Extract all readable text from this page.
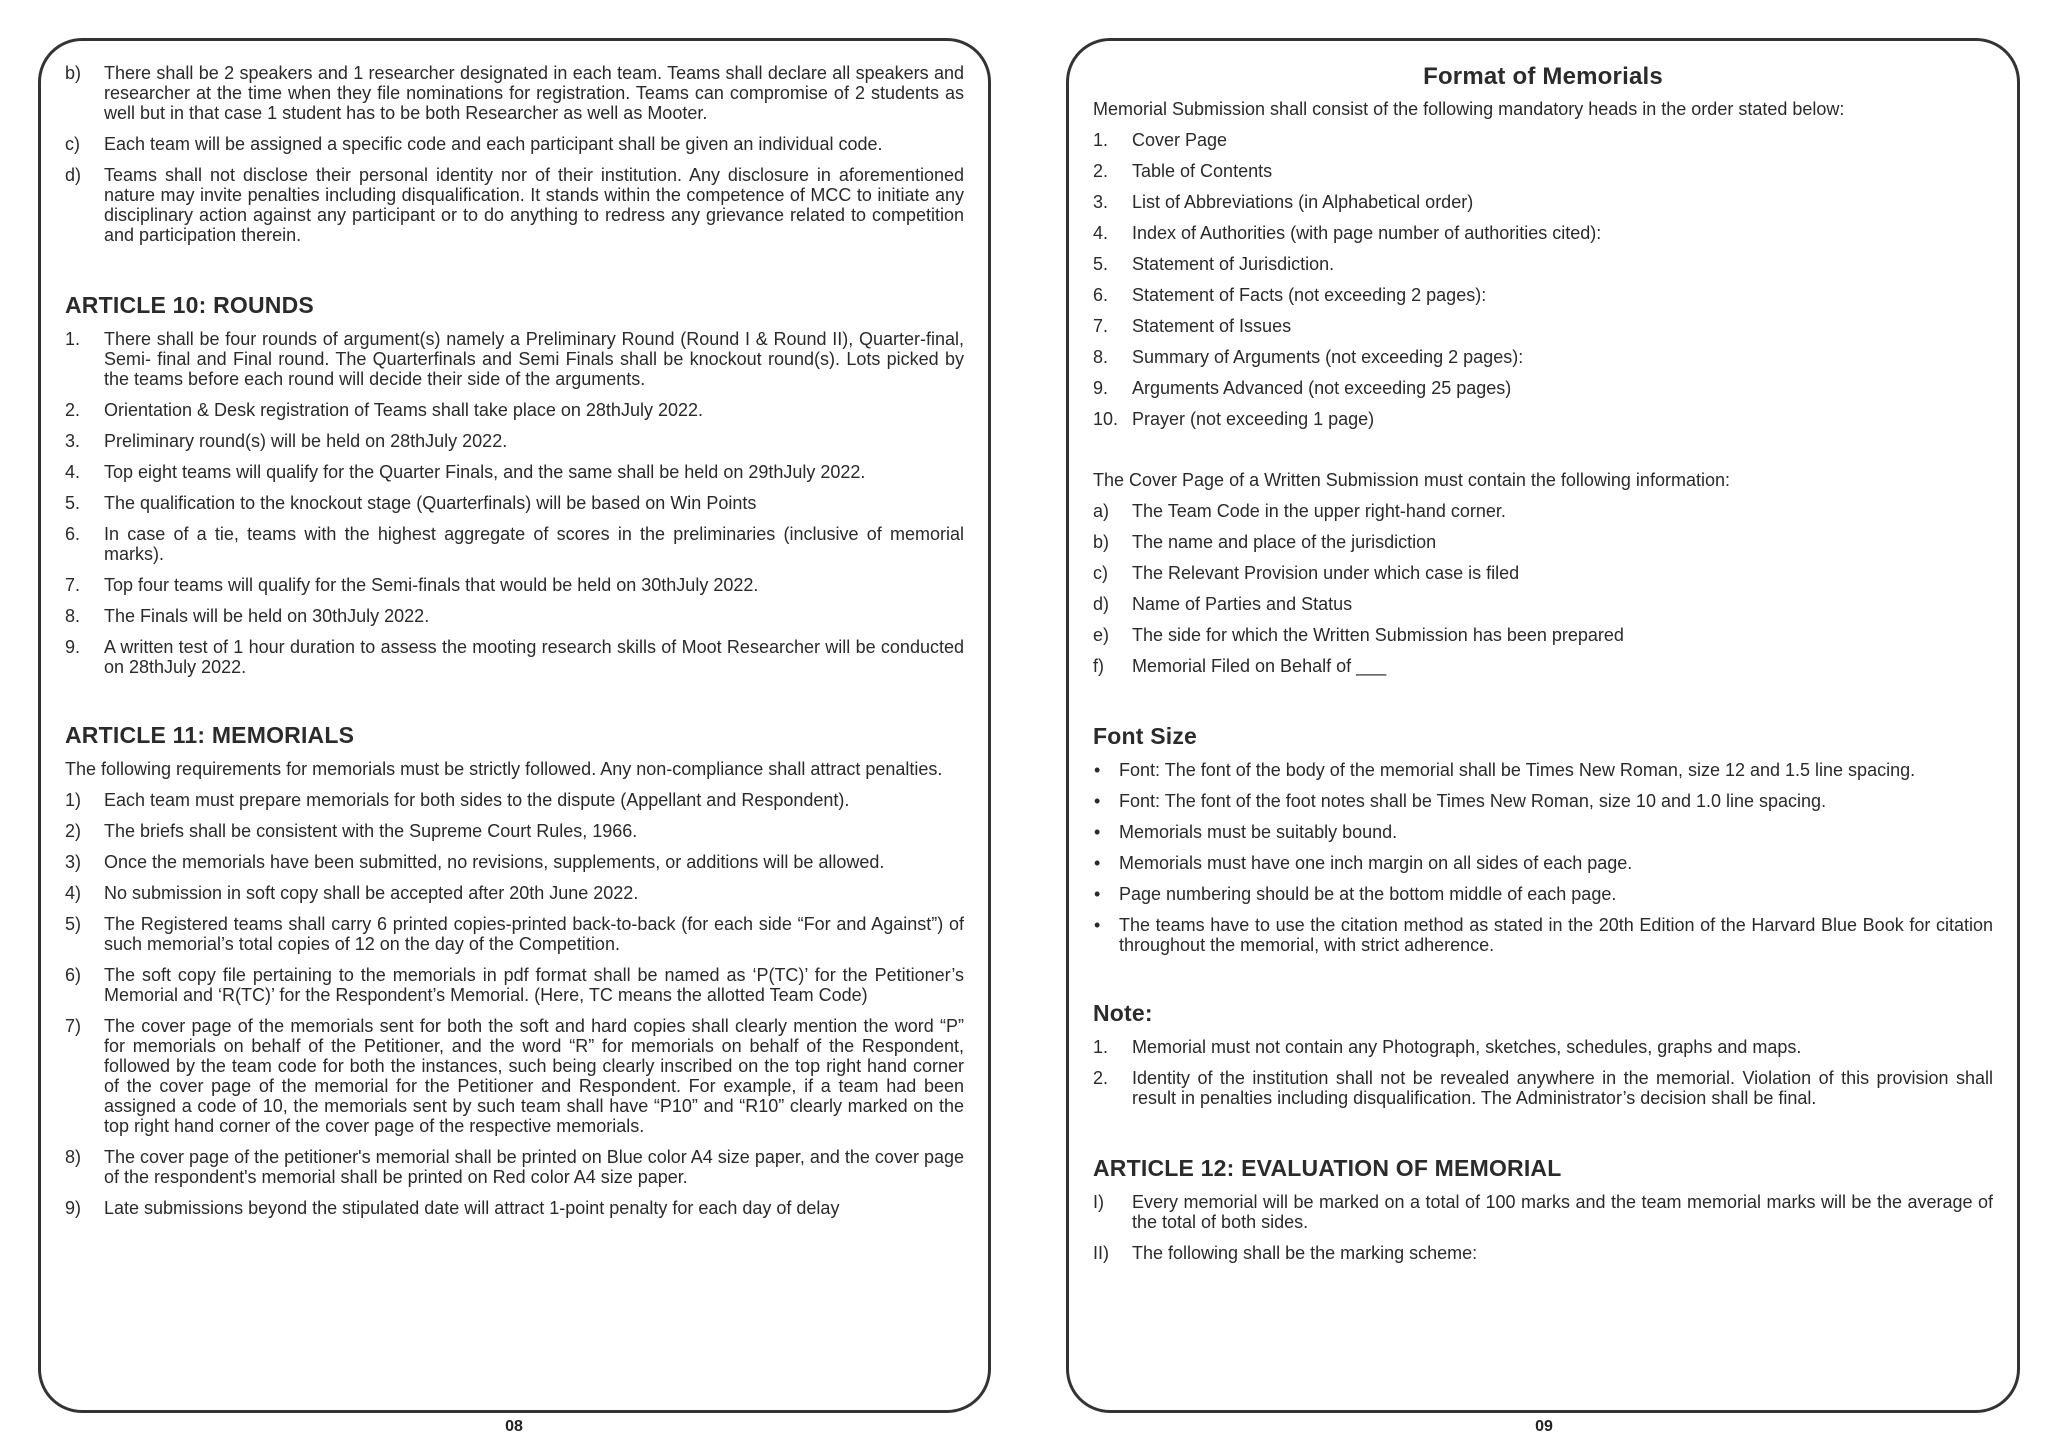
b)	There shall be 2 speakers and 1 researcher designated in each team. Teams shall declare all speakers and researcher at the time when they file nominations for registration. Teams can compromise of 2 students as well but in that case 1 student has to be both Researcher as well as Mooter.
c)	Each team will be assigned a specific code and each participant shall be given an individual code.
d)	Teams shall not disclose their personal identity nor of their institution. Any disclosure in aforementioned nature may invite penalties including disqualification. It stands within the competence of MCC to initiate any disciplinary action against any participant or to do anything to redress any grievance related to competition and participation therein.
ARTICLE 10: ROUNDS
1.	There shall be four rounds of argument(s) namely a Preliminary Round (Round I & Round II), Quarter-final, Semi- final and Final round. The Quarterfinals and Semi Finals shall be knockout round(s). Lots picked by the teams before each round will decide their side of the arguments.
2.	Orientation & Desk registration of Teams shall take place on 28thJuly 2022.
3.	Preliminary round(s) will be held on 28thJuly 2022.
4.	Top eight teams will qualify for the Quarter Finals, and the same shall be held on 29thJuly 2022.
5.	The qualification to the knockout stage (Quarterfinals) will be based on Win Points
6.	In case of a tie, teams with the highest aggregate of scores in the preliminaries (inclusive of memorial marks).
7.	Top four teams will qualify for the Semi-finals that would be held on 30thJuly 2022.
8.	The Finals will be held on 30thJuly 2022.
9.	A written test of 1 hour duration to assess the mooting research skills of Moot Researcher will be conducted on 28thJuly 2022.
ARTICLE 11: MEMORIALS

The following requirements for memorials must be strictly followed. Any non-compliance shall attract penalties.

1)	Each team must prepare memorials for both sides to the dispute (Appellant and Respondent).
2)	The briefs shall be consistent with the Supreme Court Rules, 1966.
3)	Once the memorials have been submitted, no revisions, supplements, or additions will be allowed.
4)	No submission in soft copy shall be accepted after 20th June 2022.
5)	The Registered teams shall carry 6 printed copies-printed back-to-back (for each side “For and Against”) of such memorial’s total copies of 12 on the day of the Competition.
6)	The soft copy file pertaining to the memorials in pdf format shall be named as ‘P(TC)’ for the Petitioner’s Memorial and ‘R(TC)’ for the Respondent’s Memorial. (Here, TC means the allotted Team Code)
7)	The cover page of the memorials sent for both the soft and hard copies shall clearly mention the word “P” for memorials on behalf of the Petitioner, and the word “R” for memorials on behalf of the Respondent, followed by the team code for both the instances, such being clearly inscribed on the top right hand corner of the cover page of the memorial for the Petitioner and Respondent. For example, if a team had been assigned a code of 10, the memorials sent by such team shall have “P10” and “R10” clearly marked on the top right hand corner of the cover page of the respective memorials.
8)	The cover page of the petitioner's memorial shall be printed on Blue color A4 size paper, and the cover page of the respondent's memorial shall be printed on Red color A4 size paper.
9)	Late submissions beyond the stipulated date will attract 1-point penalty for each day of delay
08
Format of Memorials

Memorial Submission shall consist of the following mandatory heads in the order stated below:

1.	Cover Page
2.	Table of Contents
3.	List of Abbreviations (in Alphabetical order)
4.	Index of Authorities (with page number of authorities cited):
5.	Statement of Jurisdiction.
6.	Statement of Facts (not exceeding 2 pages):
7.	Statement of Issues
8.	Summary of Arguments (not exceeding 2 pages):
9.	Arguments Advanced (not exceeding 25 pages)
10. Prayer (not exceeding 1 page)

The Cover Page of a Written Submission must contain the following information:

a)	The Team Code in the upper right-hand corner.
b)	The name and place of the jurisdiction
c)	The Relevant Provision under which case is filed
d)	Name of Parties and Status
e)	The side for which the Written Submission has been prepared
f)	Memorial Filed on Behalf of ___
Font Size
•	Font: The font of the body of the memorial shall be Times New Roman, size 12 and 1.5 line spacing.
•	Font: The font of the foot notes shall be Times New Roman, size 10 and 1.0 line spacing.
•	Memorials must be suitably bound.
•	Memorials must have one inch margin on all sides of each page.
•	Page numbering should be at the bottom middle of each page.
•	The teams have to use the citation method as stated in the 20th Edition of the Harvard Blue Book for citation throughout the memorial, with strict adherence.
Note:
1.	Memorial must not contain any Photograph, sketches, schedules, graphs and maps.
2.	Identity of the institution shall not be revealed anywhere in the memorial. Violation of this provision shall result in penalties including disqualification. The Administrator’s decision shall be final.
ARTICLE 12: EVALUATION OF MEMORIAL
I)	Every memorial will be marked on a total of 100 marks and the team memorial marks will be the average of the total of both sides.
II)	The following shall be the marking scheme:
09
